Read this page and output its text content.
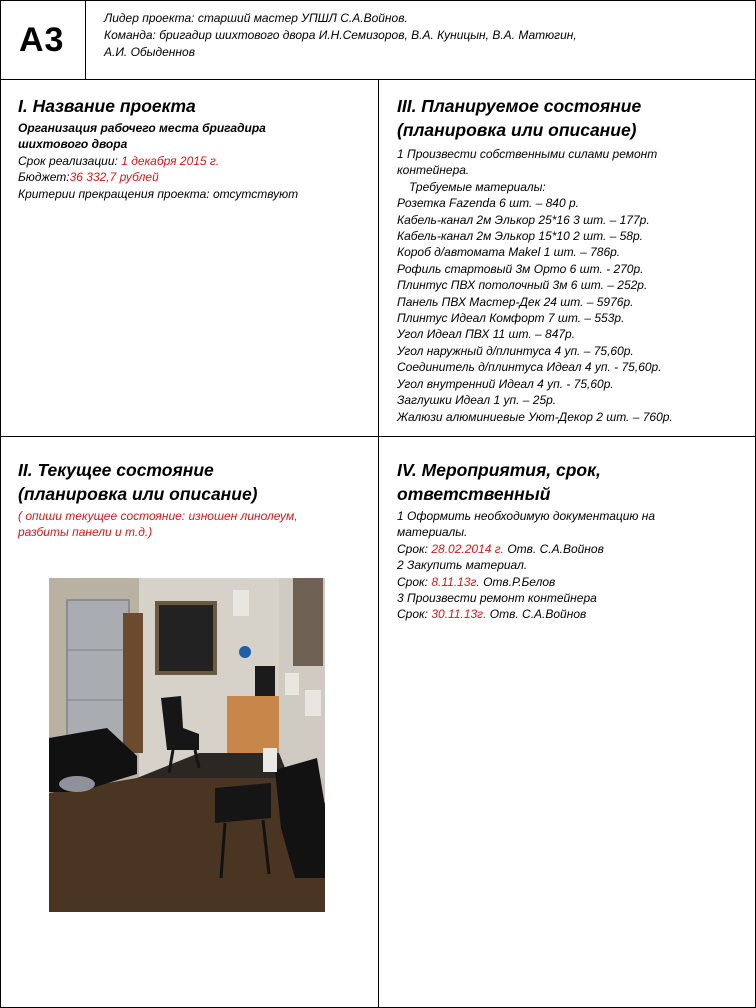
А3
Лидер проекта: старший мастер УПШЛ С.А.Войнов.
Команда: бригадир шихтового двора И.Н.Семизоров, В.А. Куницын, В.А. Матюгин,
А.И. Обыденнов
I. Название проекта
Организация рабочего места бригадира
шихтового двора
Срок реализации: 1 декабря 2015 г.
Бюджет:36 332,7 рублей
Критерии прекращения проекта: отсутствуют
III. Планируемое состояние
(планировка или описание)
1 Произвести собственными силами ремонт
контейнера.
Требуемые материалы:
Розетка Fazenda 6 шт. – 840 р.
Кабель-канал 2м Элькор 25*16 3 шт. – 177р.
Кабель-канал 2м Элькор 15*10 2 шт. – 58р.
Короб д/автомата Makel 1 шт. – 786р.
Рофиль стартовый 3м Орто 6 шт. - 270р.
Плинтус ПВХ потолочный 3м 6 шт. – 252р.
Панель ПВХ Мастер-Дек 24 шт. – 5976р.
Плинтус Идеал Комфорт 7 шт. – 553р.
Угол Идеал ПВХ 11 шт. – 847р.
Угол наружный д/плинтуса 4 уп. – 75,60р.
Соединитель д/плинтуса Идеал 4 уп. - 75,60р.
Угол внутренний Идеал 4 уп. - 75,60р.
Заглушки Идеал 1 уп. – 25р.
Жалюзи алюминиевые Уют-Декор 2 шт. – 760р.
II. Текущее состояние
(планировка или описание)
( опиши текущее состояние: изношен линолеум,
разбиты панели и т.д.)
IV. Мероприятия, срок,
ответственный
1 Оформить необходимую документацию на
материалы.
Срок: 28.02.2014 г. Отв. С.А.Войнов
2 Закупить материал.
Срок: 8.11.13г. Отв.Р.Белов
3 Произвести ремонт контейнера
Срок: 30.11.13г. Отв. С.А.Войнов
